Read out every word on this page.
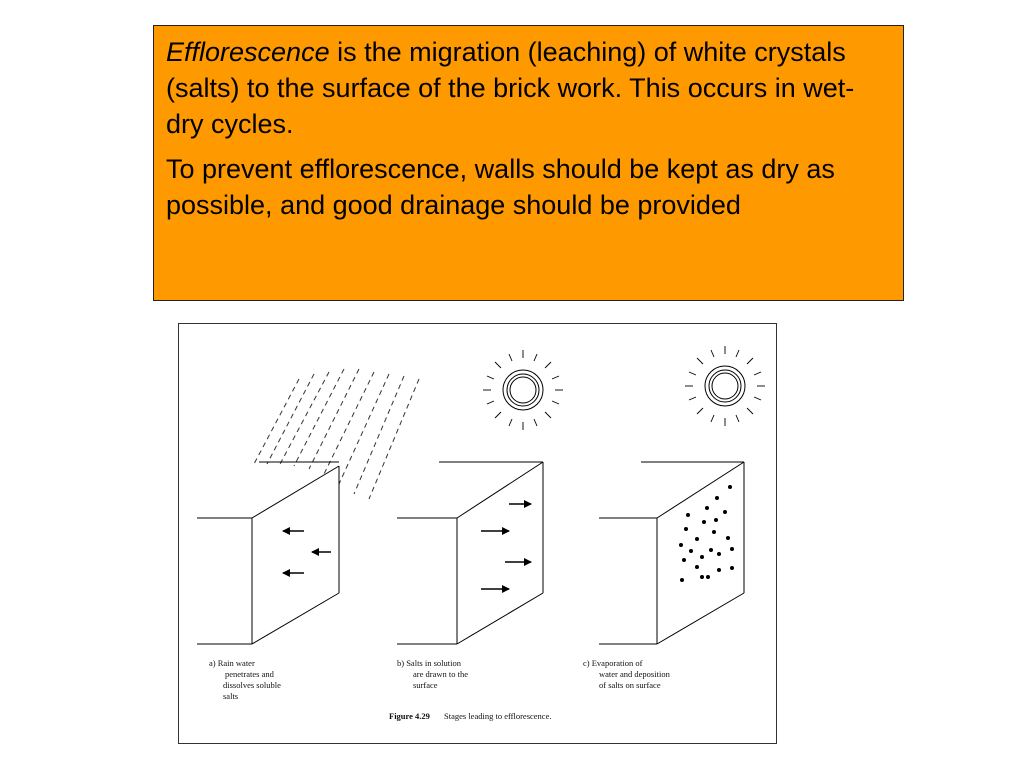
Efflorescence is the migration (leaching) of white crystals (salts) to the surface of the brick work. This occurs in wet-dry cycles.

To prevent efflorescence, walls should be kept as dry as possible, and good drainage should be provided

a) Rain water
penetrates and
dissolves soluble
salts
b) Salts in solution
are drawn to the
surface
c) Evaporation of
water and deposition
of salts on surface
Figure 4.29 Stages leading to efflorescence.
